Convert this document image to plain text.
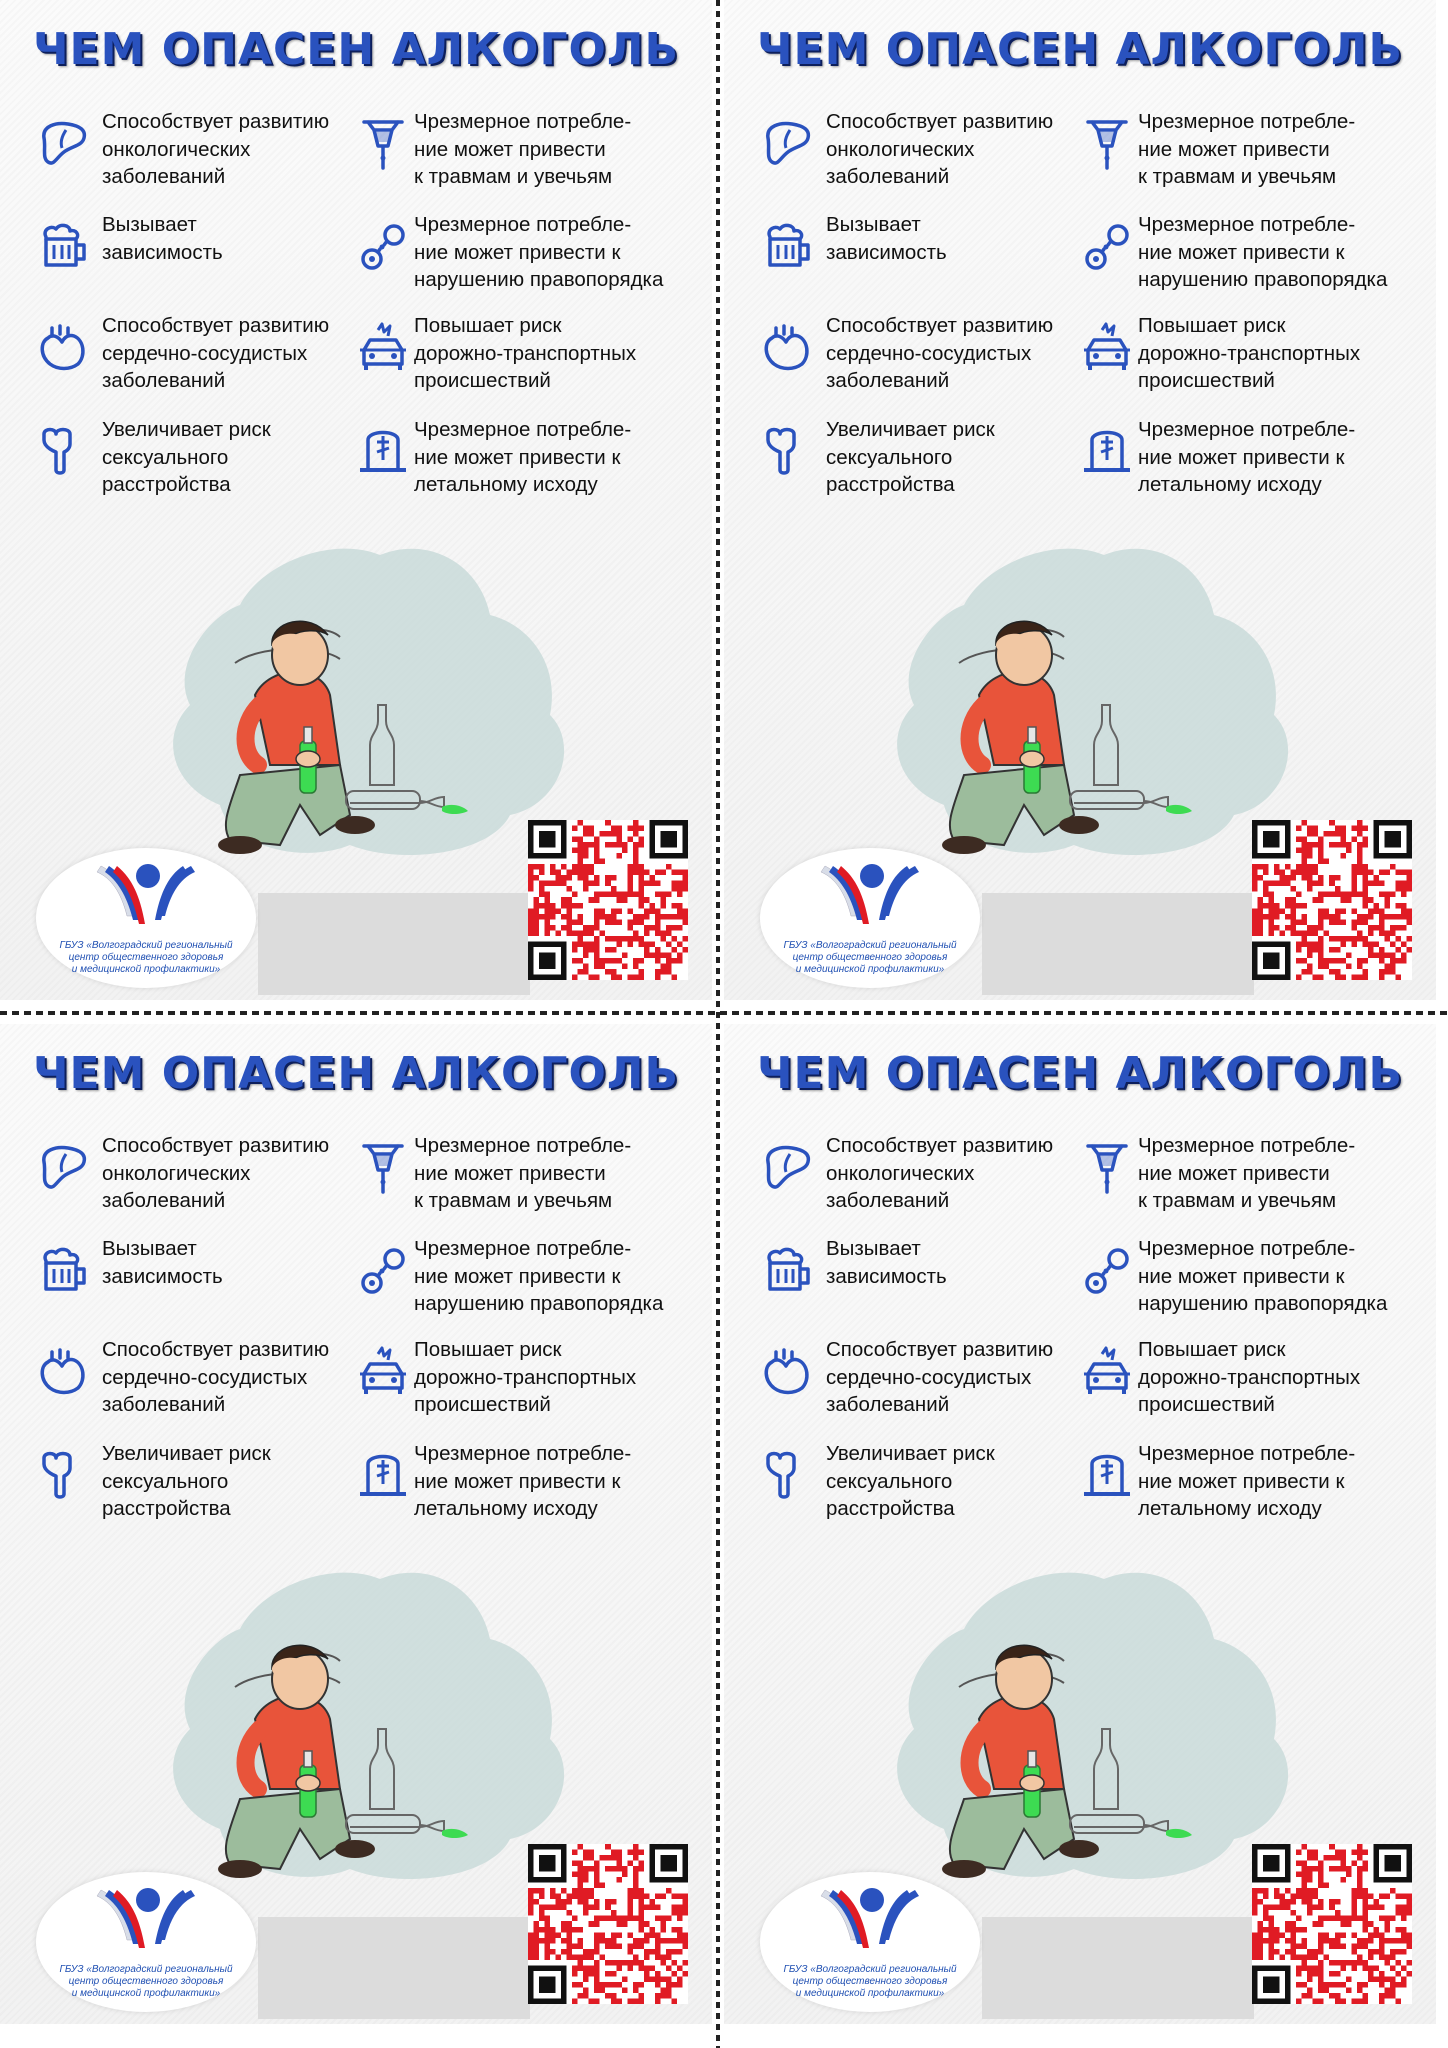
ЧЕМ ОПАСЕН АЛКОГОЛЬ
Способствует развитию
онкологических
заболеваний
Чрезмерное потребле-
ние может привести
к травмам и увечьям
Вызывает
зависимость
Чрезмерное потребле-
ние может привести к
нарушению правопорядка
Способствует развитию
сердечно-сосудистых
заболеваний
Повышает риск
дорожно-транспортных
происшествий
Увеличивает риск
сексуального
расстройства
Чрезмерное потребле-
ние может привести к
летальному исходу
ГБУЗ «Волгоградский региональный
центр общественного здоровья
и медицинской профилактики»
ЧЕМ ОПАСЕН АЛКОГОЛЬ
Способствует развитию
онкологических
заболеваний
Чрезмерное потребле-
ние может привести
к травмам и увечьям
Вызывает
зависимость
Чрезмерное потребле-
ние может привести к
нарушению правопорядка
Способствует развитию
сердечно-сосудистых
заболеваний
Повышает риск
дорожно-транспортных
происшествий
Увеличивает риск
сексуального
расстройства
Чрезмерное потребле-
ние может привести к
летальному исходу
ГБУЗ «Волгоградский региональный
центр общественного здоровья
и медицинской профилактики»
ЧЕМ ОПАСЕН АЛКОГОЛЬ
Способствует развитию
онкологических
заболеваний
Чрезмерное потребле-
ние может привести
к травмам и увечьям
Вызывает
зависимость
Чрезмерное потребле-
ние может привести к
нарушению правопорядка
Способствует развитию
сердечно-сосудистых
заболеваний
Повышает риск
дорожно-транспортных
происшествий
Увеличивает риск
сексуального
расстройства
Чрезмерное потребле-
ние может привести к
летальному исходу
ГБУЗ «Волгоградский региональный
центр общественного здоровья
и медицинской профилактики»
ЧЕМ ОПАСЕН АЛКОГОЛЬ
Способствует развитию
онкологических
заболеваний
Чрезмерное потребле-
ние может привести
к травмам и увечьям
Вызывает
зависимость
Чрезмерное потребле-
ние может привести к
нарушению правопорядка
Способствует развитию
сердечно-сосудистых
заболеваний
Повышает риск
дорожно-транспортных
происшествий
Увеличивает риск
сексуального
расстройства
Чрезмерное потребле-
ние может привести к
летальному исходу
ГБУЗ «Волгоградский региональный
центр общественного здоровья
и медицинской профилактики»
